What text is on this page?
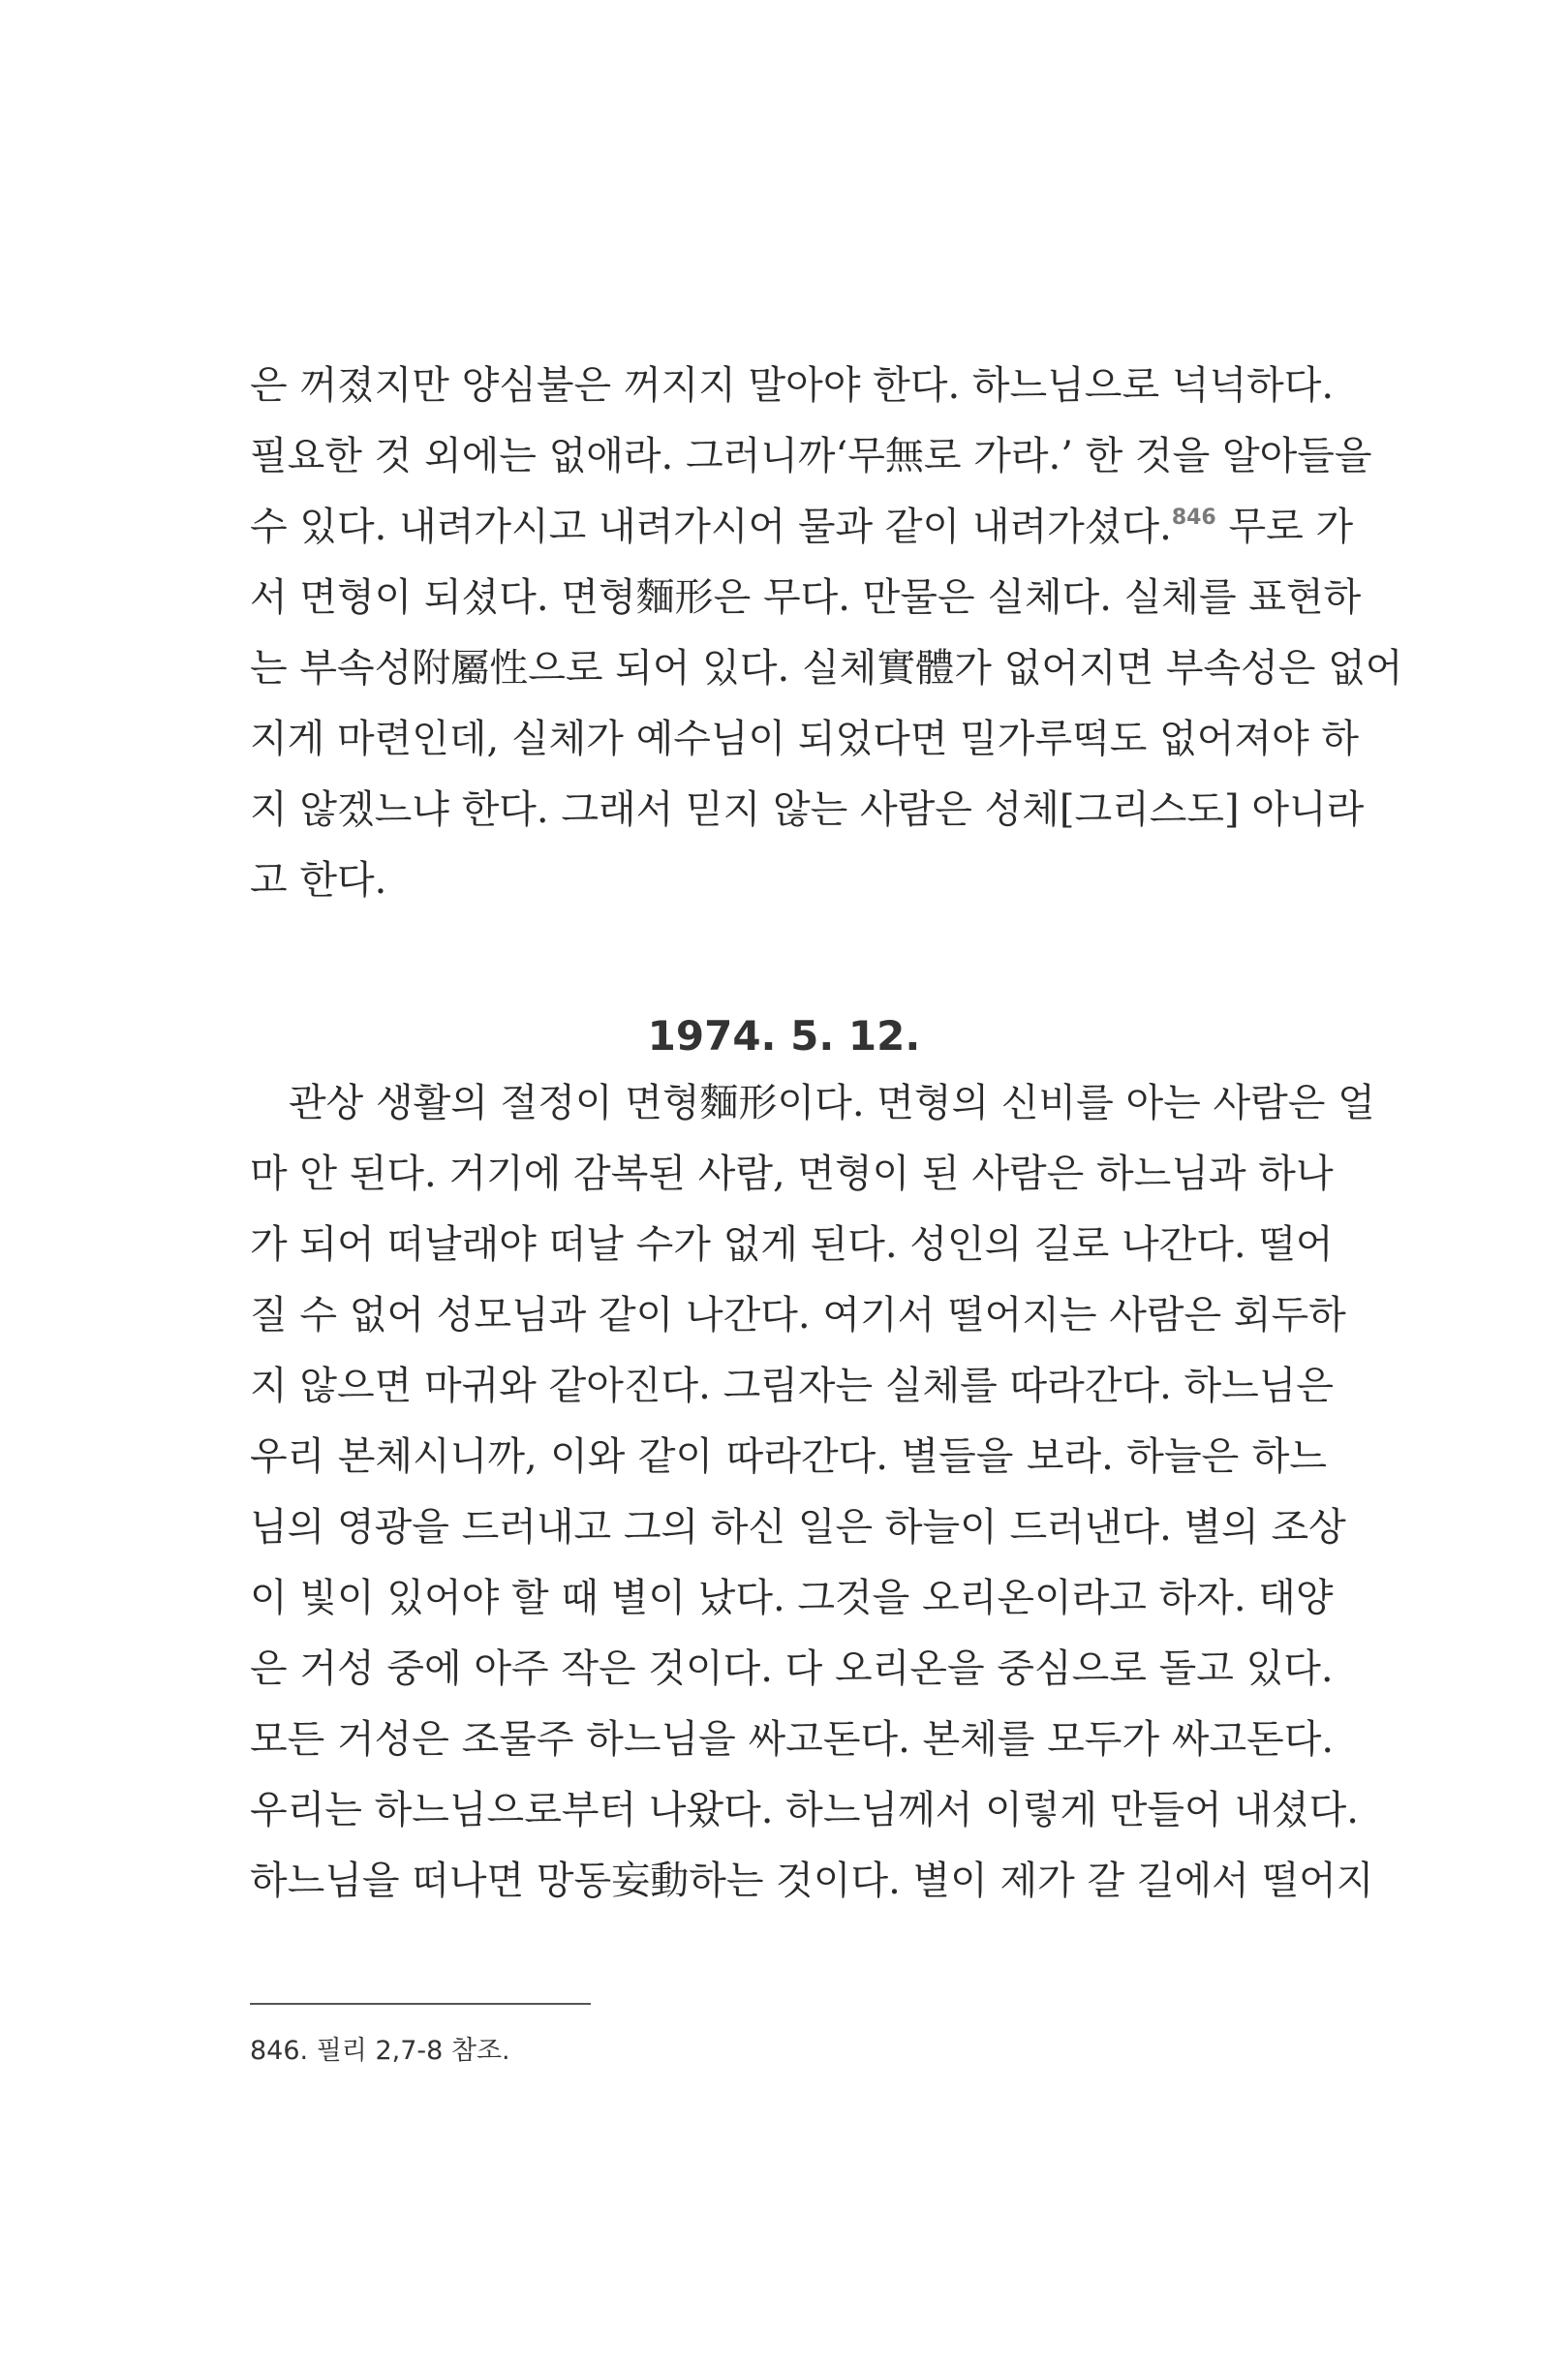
은 꺼졌지만 양심불은 꺼지지 말아야 한다. 하느님으로 넉넉하다.
필요한 것 외에는 없애라. 그러니까‘무無로 가라.’ 한 것을 알아들을
수 있다. 내려가시고 내려가시어 물과 같이 내려가셨다.$^{846}$ 무로 가
서 면형이 되셨다. 면형麵形은 무다. 만물은 실체다. 실체를 표현하
는 부속성附屬性으로 되어 있다. 실체實體가 없어지면 부속성은 없어
지게 마련인데, 실체가 예수님이 되었다면 밀가루떡도 없어져야 하
지 않겠느냐 한다. 그래서 믿지 않는 사람은 성체[그리스도] 아니라
고 한다.
1974. 5. 12.
관상 생활의 절정이 면형麵形이다. 면형의 신비를 아는 사람은 얼
마 안 된다. 거기에 감복된 사람, 면형이 된 사람은 하느님과 하나
가 되어 떠날래야 떠날 수가 없게 된다. 성인의 길로 나간다. 떨어
질 수 없어 성모님과 같이 나간다. 여기서 떨어지는 사람은 회두하
지 않으면 마귀와 같아진다. 그림자는 실체를 따라간다. 하느님은
우리 본체시니까, 이와 같이 따라간다. 별들을 보라. 하늘은 하느
님의 영광을 드러내고 그의 하신 일은 하늘이 드러낸다. 별의 조상
이 빛이 있어야 할 때 별이 났다. 그것을 오리온이라고 하자. 태양
은 거성 중에 아주 작은 것이다. 다 오리온을 중심으로 돌고 있다.
모든 거성은 조물주 하느님을 싸고돈다. 본체를 모두가 싸고돈다.
우리는 하느님으로부터 나왔다. 하느님께서 이렇게 만들어 내셨다.
하느님을 떠나면 망동妄動하는 것이다. 별이 제가 갈 길에서 떨어지
846. 필리 2,7-8 참조.
